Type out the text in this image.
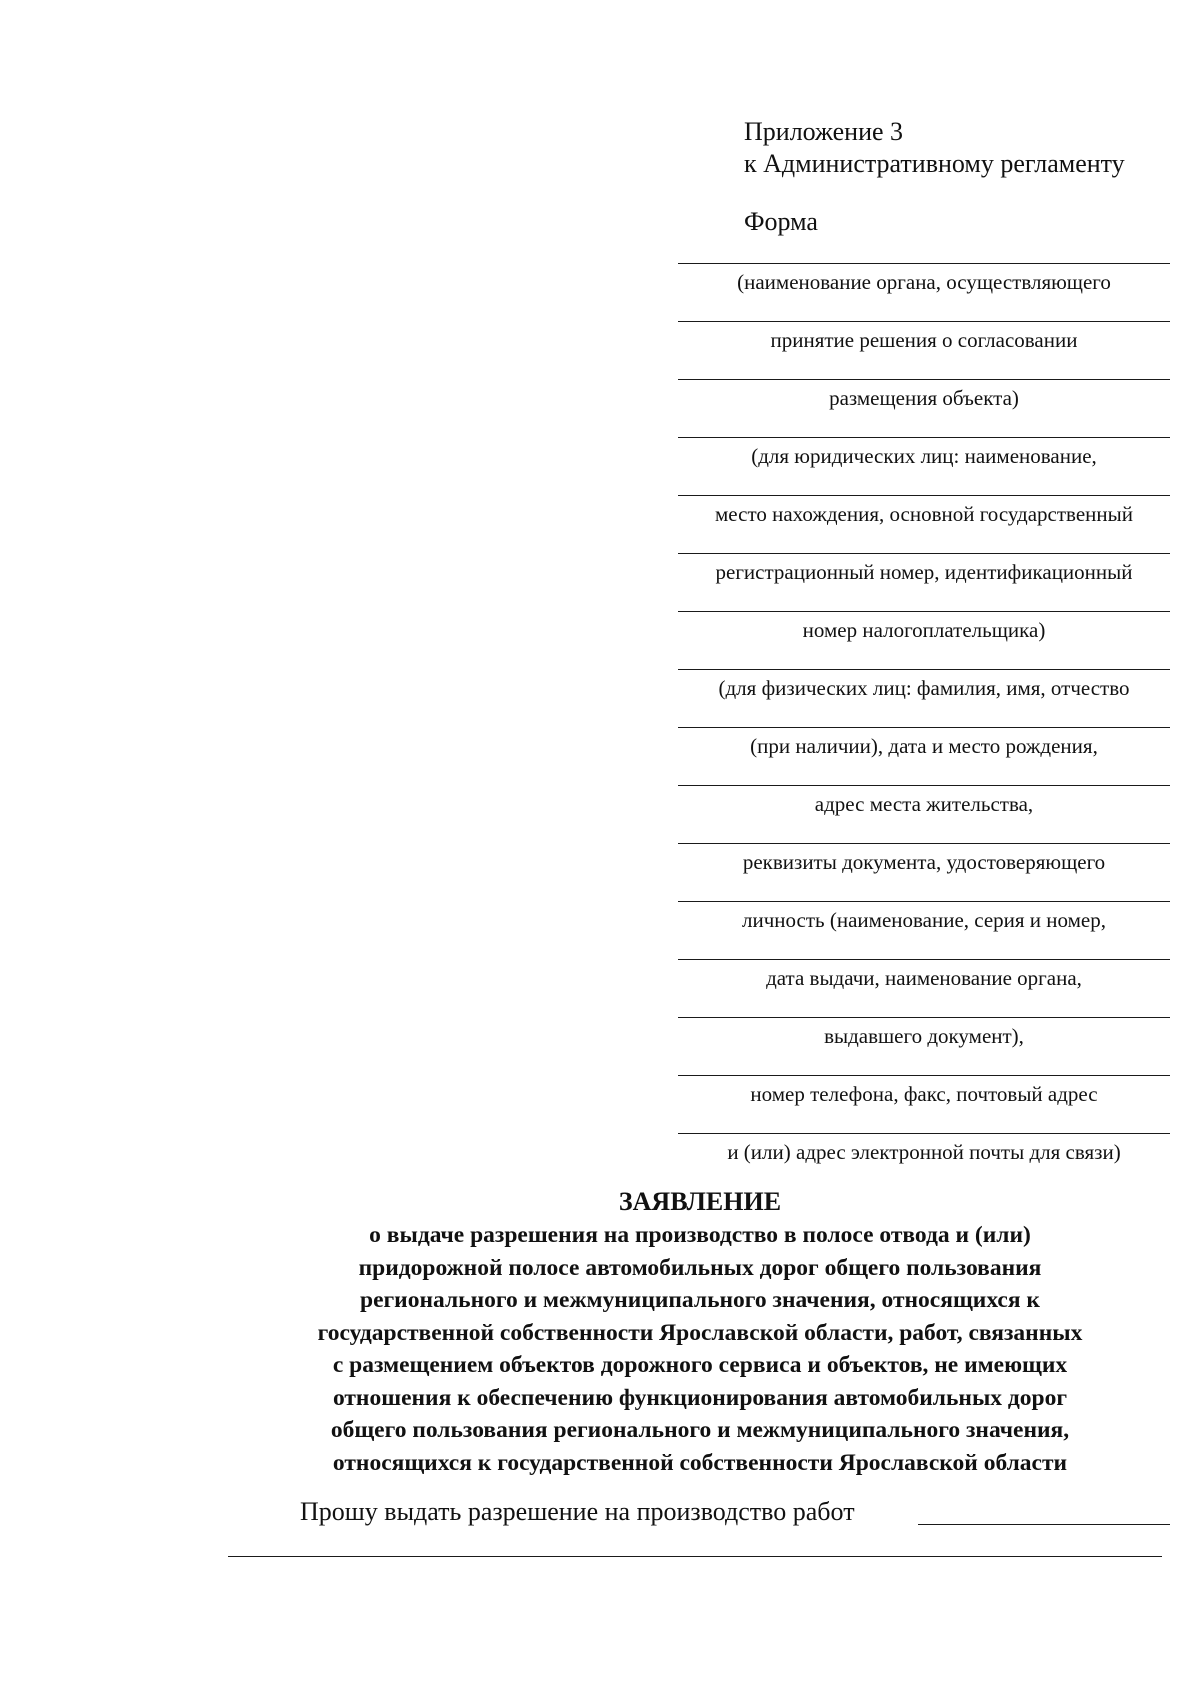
Приложение 3
к Административному регламенту
Форма
(наименование органа, осуществляющего
принятие решения о согласовании
размещения объекта)
(для юридических лиц: наименование,
место нахождения, основной государственный
регистрационный номер, идентификационный
номер налогоплательщика)
(для физических лиц: фамилия, имя, отчество
(при наличии), дата и место рождения,
адрес места жительства,
реквизиты документа, удостоверяющего
личность (наименование, серия и номер,
дата выдачи, наименование органа,
выдавшего документ),
номер телефона, факс, почтовый адрес
и (или) адрес электронной почты для связи)
ЗАЯВЛЕНИЕ
о выдаче разрешения на производство в полосе отвода и (или)
придорожной полосе автомобильных дорог общего пользования
регионального и межмуниципального значения, относящихся к
государственной собственности Ярославской области, работ, связанных
с размещением объектов дорожного сервиса и объектов, не имеющих
отношения к обеспечению функционирования автомобильных дорог
общего пользования регионального и межмуниципального значения,
относящихся к государственной собственности Ярославской области
Прошу выдать разрешение на производство работ
